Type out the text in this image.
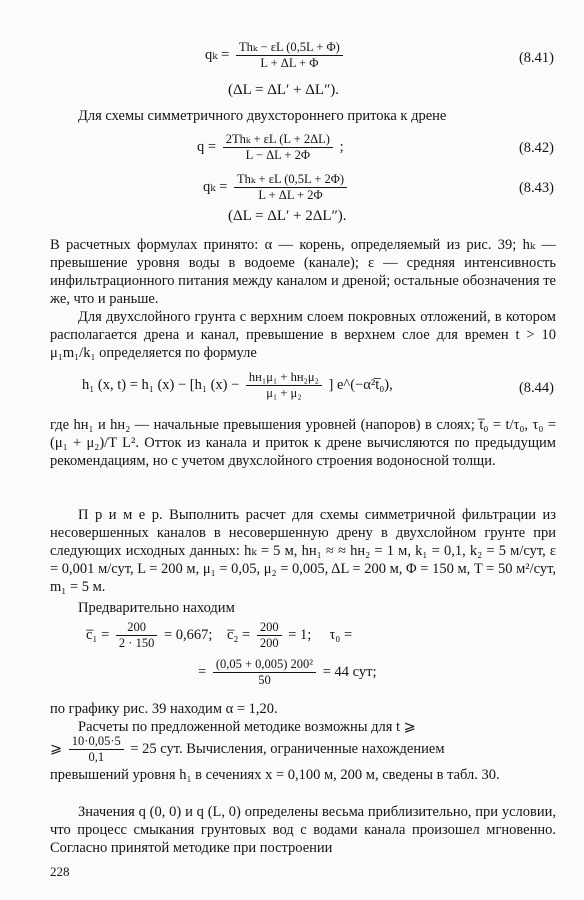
$q_k = \frac{\text{Thₖ − εL (0,5L + Φ)}}{L + \Delta L + \Phi}$	(8.41)
(ΔL = ΔL′ + ΔL″).
Для схемы симметричного двухстороннего притока к дрене
$q = \frac{\text{2Thₖ + εL (L + 2ΔL)}}{L - \Delta L + 2\Phi}$ ;	(8.42)
$q_k = \frac{\text{Thₖ + εL (0,5L + 2Φ)}}{L + \Delta L + 2\Phi}$	(8.43)
(ΔL = ΔL′ + 2ΔL″).
В расчетных формулах принято: α — корень, определяемый из рис. 39; hₖ — превышение уровня воды в водоеме (канале); ε — средняя интенсивность инфильтрационного питания между каналом и дреной; остальные обозначения те же, что и раньше.
Для двухслойного грунта с верхним слоем покровных отложений, в котором располагается дрена и канал, превышение в верхнем слое для времен t > 10 μ₁m₁/k₁ определяется по формуле
h₁ (x, t) = h₁ (x) − [h₁ $(x) - \frac{\text{hн₁μ₁ + hн₂μ₂}}{\text{μ₁ + μ₂}}$ ] e^(−α²t̅₀),	(8.44)
где hн₁ и hн₂ — начальные превышения уровней (напоров) в слоях; t̅₀ = t/τ₀, τ₀ = (μ₁ + μ₂)/T L². Отток из канала и приток к дрене вычисляются по предыдущим рекомендациям, но с учетом двухслойного строения водоносной толщи.
П р и м е р. Выполнить расчет для схемы симметричной фильтрации из несовершенных каналов в несовершенную дрену в двухслойном грунте при следующих исходных данных: hₖ = 5 м, hн₁ ≈ ≈ hн₂ = 1 м, k₁ = 0,1, k₂ = 5 м/сут, ε = 0,001 м/сут, L = 200 м, μ₁ = 0,05, μ₂ = 0,005, ΔL = 200 м, Φ = 150 м, T = 50 м²/сут, m₁ = 5 м.
Предварительно находим
c̅₁ = $\frac{200}{2 \cdot 150} = 0,667$; c̅₂ = $\frac{200}{200} = 1$; τ₀ =
= $\frac{\text{(0,05 + 0,005) 200²}}{50} = 44$ сут;
по графику рис. 39 находим α = 1,20.
Расчеты по предложенной методике возможны для t ⩾
⩾ $\frac{10\cdot 0,05\cdot 5}{0,1} = 25$ сут. Вычисления, ограниченные нахождением
превышений уровня h₁ в сечениях x = 0,100 м, 200 м, сведены в табл. 30.
Значения q (0, 0) и q (L, 0) определены весьма приблизительно, при условии, что процесс смыкания грунтовых вод с водами канала произошел мгновенно. Согласно принятой методике при построении
228
